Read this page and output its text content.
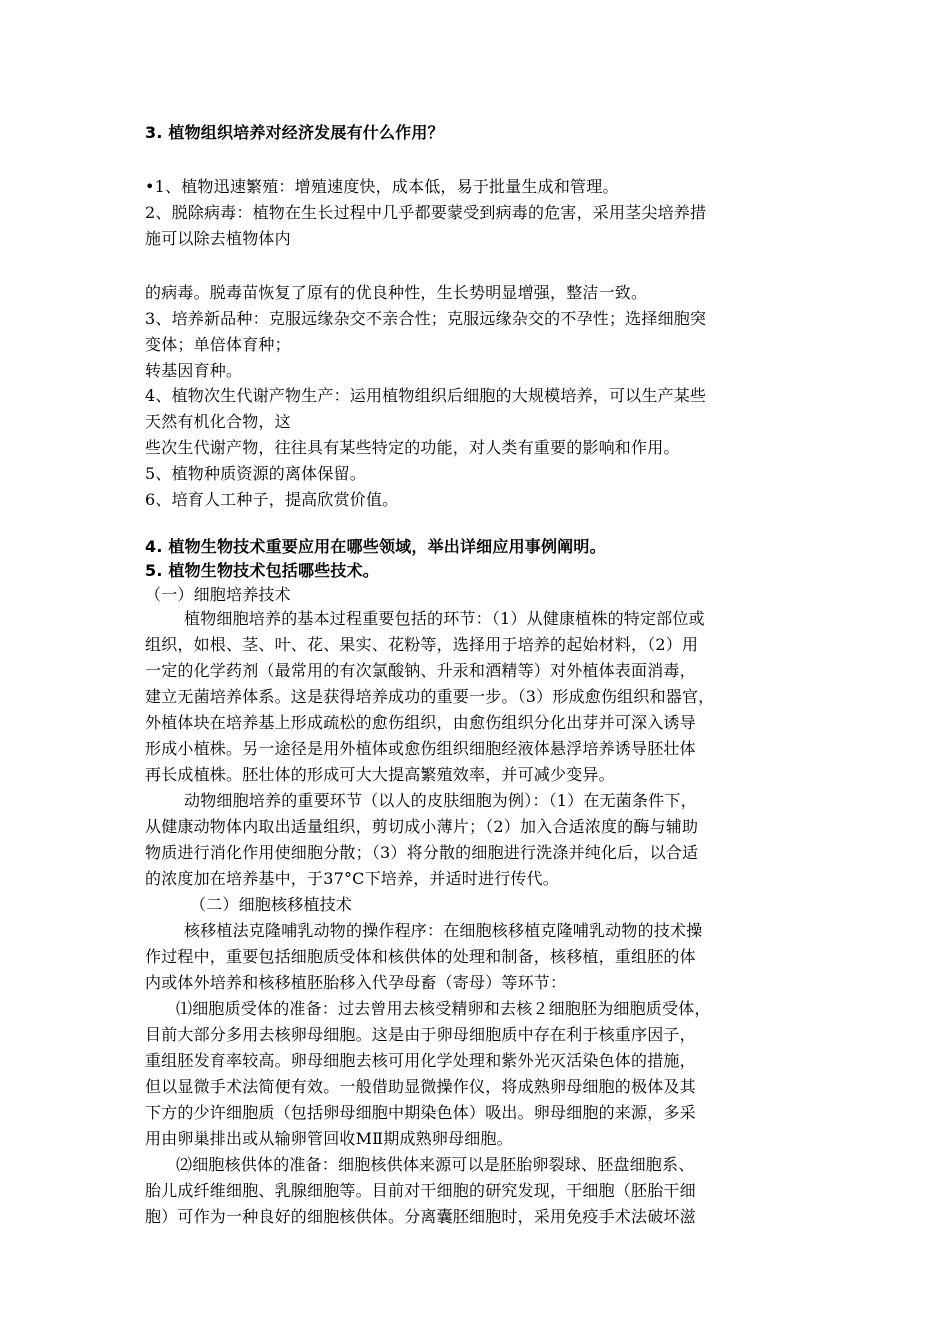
3. 植物组织培养对经济发展有什么作用？
•1、植物迅速繁殖：增殖速度快，成本低，易于批量生成和管理。
2、脱除病毒：植物在生长过程中几乎都要蒙受到病毒的危害，采用茎尖培养措
施可以除去植物体内
的病毒。脱毒苗恢复了原有的优良种性，生长势明显增强，整洁一致。
3、培养新品种：克服远缘杂交不亲合性；克服远缘杂交的不孕性；选择细胞突
变体；单倍体育种；
转基因育种。
4、植物次生代谢产物生产：运用植物组织后细胞的大规模培养，可以生产某些
天然有机化合物，这
些次生代谢产物，往往具有某些特定的功能，对人类有重要的影响和作用。
5、植物种质资源的离体保留。
6、培育人工种子，提高欣赏价值。
4. 植物生物技术重要应用在哪些领域，举出详细应用事例阐明。
5. 植物生物技术包括哪些技术。
（一）细胞培养技术
植物细胞培养的基本过程重要包括的环节：（1）从健康植株的特定部位或
组织，如根、茎、叶、花、果实、花粉等，选择用于培养的起始材料，（2）用
一定的化学药剂（最常用的有次氯酸钠、升汞和酒精等）对外植体表面消毒，
建立无菌培养体系。这是获得培养成功的重要一步。（3）形成愈伤组织和器官，
外植体块在培养基上形成疏松的愈伤组织，由愈伤组织分化出芽并可深入诱导
形成小植株。另一途径是用外植体或愈伤组织细胞经液体悬浮培养诱导胚壮体
再长成植株。胚壮体的形成可大大提高繁殖效率，并可减少变异。
动物细胞培养的重要环节（以人的皮肤细胞为例）：（1）在无菌条件下，
从健康动物体内取出适量组织，剪切成小薄片；（2）加入合适浓度的酶与辅助
物质进行消化作用使细胞分散；（3）将分散的细胞进行洗涤并纯化后，以合适
的浓度加在培养基中，于37°C下培养，并适时进行传代。
（二）细胞核移植技术
核移植法克隆哺乳动物的操作程序：在细胞核移植克隆哺乳动物的技术操
作过程中，重要包括细胞质受体和核供体的处理和制备，核移植，重组胚的体
内或体外培养和核移植胚胎移入代孕母畜（寄母）等环节：
⑴细胞质受体的准备：过去曾用去核受精卵和去核２细胞胚为细胞质受体，
目前大部分多用去核卵母细胞。这是由于卵母细胞质中存在利于核重序因子，
重组胚发育率较高。卵母细胞去核可用化学处理和紫外光灭活染色体的措施，
但以显微手术法简便有效。一般借助显微操作仪，将成熟卵母细胞的极体及其
下方的少许细胞质（包括卵母细胞中期染色体）吸出。卵母细胞的来源，多采
用由卵巢排出或从输卵管回收MⅡ期成熟卵母细胞。
⑵细胞核供体的准备：细胞核供体来源可以是胚胎卵裂球、胚盘细胞系、
胎儿成纤维细胞、乳腺细胞等。目前对干细胞的研究发现，干细胞（胚胎干细
胞）可作为一种良好的细胞核供体。分离囊胚细胞时，采用免疫手术法破坏滋
